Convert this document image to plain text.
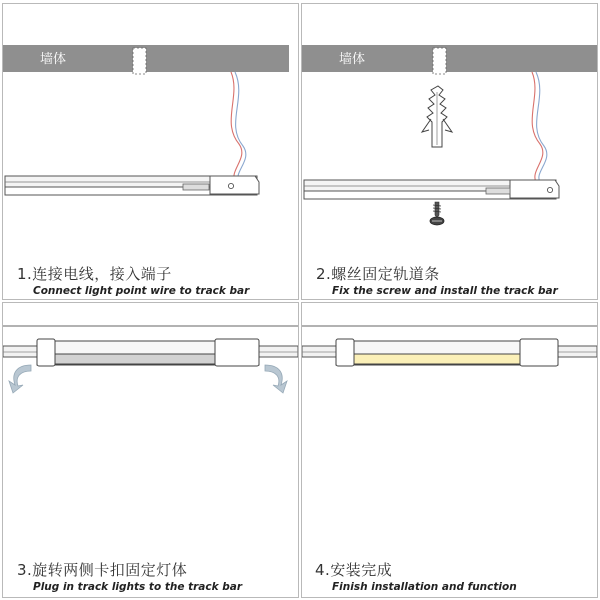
墙体
1.连接电线，接入端子
Connect light point wire to track bar
墙体
2.螺丝固定轨道条
Fix the screw and install the track bar
3.旋转两侧卡扣固定灯体
Plug in track lights to the track bar
4.安装完成
Finish installation and function
